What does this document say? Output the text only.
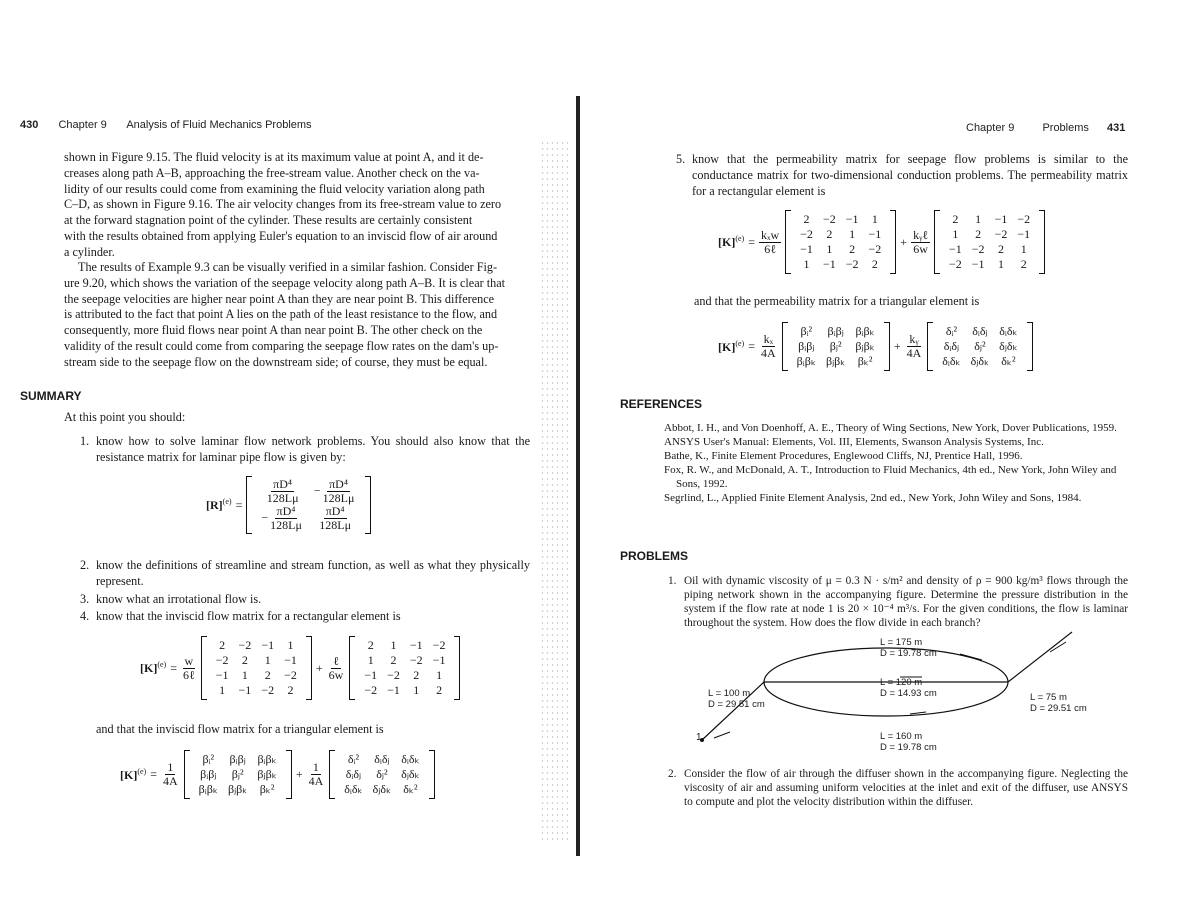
430 Chapter 9 Analysis of Fluid Mechanics Problems
shown in Figure 9.15. The fluid velocity is at its maximum value at point A, and it de-
creases along path A–B, approaching the free-stream value. Another check on the va-
lidity of our results could come from examining the fluid velocity variation along path
C–D, as shown in Figure 9.16. The air velocity changes from its free-stream value to zero
at the forward stagnation point of the cylinder. These results are certainly consistent
with the results obtained from applying Euler's equation to an inviscid flow of air around
a cylinder.
The results of Example 9.3 can be visually verified in a similar fashion. Consider Fig-
ure 9.20, which shows the variation of the seepage velocity along path A–B. It is clear that
the seepage velocities are higher near point A than they are near point B. This difference
is attributed to the fact that point A lies on the path of the least resistance to the flow, and
consequently, more fluid flows near point A than near point B. The other check on the
validity of the result could come from comparing the seepage flow rates on the dam's up-
stream side to the seepage flow on the downstream side; of course, they must be equal.
SUMMARY
At this point you should:
1. know how to solve laminar flow network problems. You should also know that the resistance matrix for laminar pipe flow is given by:
$[R]^{(e)} = \frac{\text{πD⁴}}{128L\mu}$	− $\frac{\text{πD⁴}}{128L\mu}$

− $\frac{\text{πD⁴}}{128L\mu}$	$\frac{\text{πD⁴}}{128L\mu}$
2. know the definitions of streamline and stream function, as well as what they physically represent.
3. know what an irrotational flow is.
4. know that the inviscid flow matrix for a rectangular element is
$[K]^{(e)} = \frac{w}{\text{6ℓ}}$
2	−2	−1	1
−2	2	1	−1
−1	1	2	−2
1	−1	−2	2
+ $\frac{\text{ℓ}}{6w}$
2	1	−1	−2
1	2	−2	−1
−1	−2	2	1
−2	−1	1	2
and that the inviscid flow matrix for a triangular element is
$[K]^{(e)} = \frac{1}{4A}$
βᵢ²	βᵢβⱼ	βᵢβₖ
βᵢβⱼ	βⱼ²	βⱼβₖ
βᵢβₖ	βⱼβₖ	βₖ²
+ $\frac{1}{4A}$
δᵢ²	δᵢδⱼ	δᵢδₖ
δᵢδⱼ	δⱼ²	δⱼδₖ
δᵢδₖ	δⱼδₖ	δₖ²
Chapter 9	Problems 431
5. know that the permeability matrix for seepage flow problems is similar to the conductance matrix for two-dimensional conduction problems. The permeability matrix for a rectangular element is
$[K]^{(e)} = \frac{\text{kₓw}}{\text{6ℓ}}$
2	−2	−1	1
−2	2	1	−1
−1	1	2	−2
1	−1	−2	2
+ $\frac{\text{kᵧℓ}}{6w}$
2	1	−1	−2
1	2	−2	−1
−1	−2	2	1
−2	−1	1	2
and that the permeability matrix for a triangular element is
$[K]^{(e)} = \frac{\text{kₓ}}{4A}$
βᵢ²	βᵢβⱼ	βᵢβₖ
βᵢβⱼ	βⱼ²	βⱼβₖ
βᵢβₖ	βⱼβₖ	βₖ²
+ $\frac{\text{kᵧ}}{4A}$
δᵢ²	δᵢδⱼ	δᵢδₖ
δᵢδⱼ	δⱼ²	δⱼδₖ
δᵢδₖ	δⱼδₖ	δₖ²
REFERENCES
Abbot, I. H., and Von Doenhoff, A. E., Theory of Wing Sections, New York, Dover Publications, 1959.
ANSYS User's Manual: Elements, Vol. III, Elements, Swanson Analysis Systems, Inc.
Bathe, K., Finite Element Procedures, Englewood Cliffs, NJ, Prentice Hall, 1996.
Fox, R. W., and McDonald, A. T., Introduction to Fluid Mechanics, 4th ed., New York, John Wiley and Sons, 1992.
Segrlind, L., Applied Finite Element Analysis, 2nd ed., New York, John Wiley and Sons, 1984.
PROBLEMS
1. Oil with dynamic viscosity of μ = 0.3 N · s/m² and density of ρ = 900 kg/m³ flows through the piping network shown in the accompanying figure. Determine the pressure distribution in the system if the flow rate at node 1 is 20 × 10⁻⁴ m³/s. For the given conditions, the flow is laminar throughout the system. How does the flow divide in each branch?
L = 175 m
D = 19.78 cm
L = 120 m
D = 14.93 cm
L = 100 m
D = 29.51 cm
L = 75 m
D = 29.51 cm
L = 160 m
D = 19.78 cm
1
2. Consider the flow of air through the diffuser shown in the accompanying figure. Neglecting the viscosity of air and assuming uniform velocities at the inlet and exit of the diffuser, use ANSYS to compute and plot the velocity distribution within the diffuser.
